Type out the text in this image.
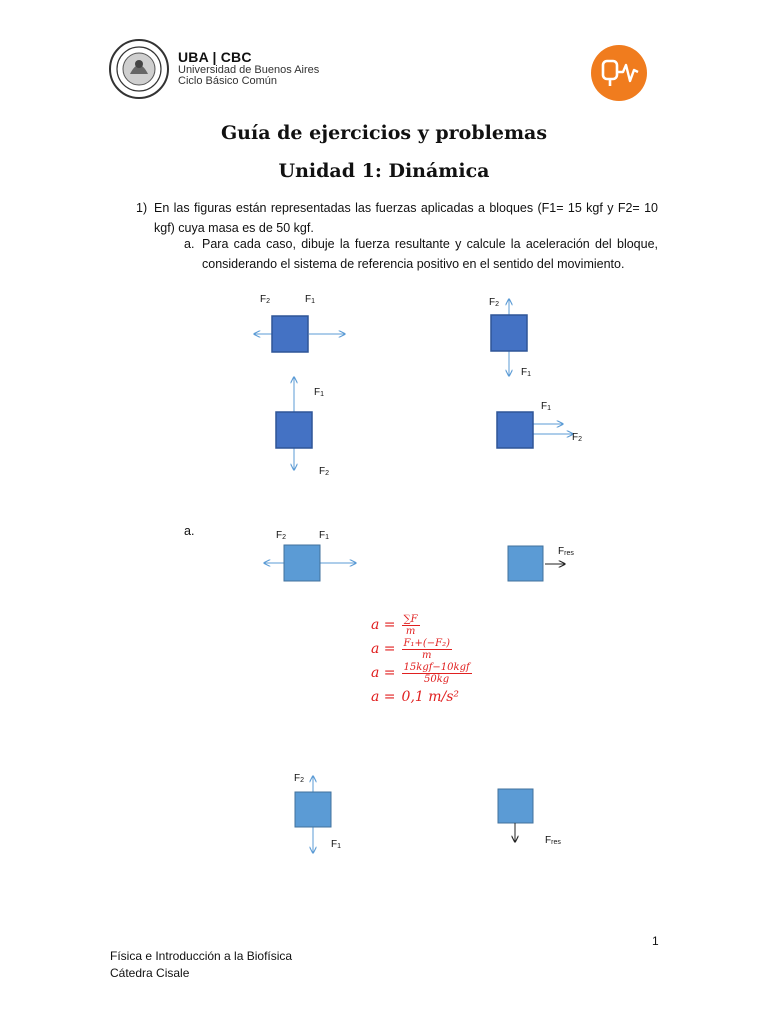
UBA | CBC
Universidad de Buenos Aires
Ciclo Básico Común
Guía de ejercicios y problemas
Unidad 1: Dinámica
1) En las figuras están representadas las fuerzas aplicadas a bloques (F1= 15 kgf y F2= 10 kgf) cuya masa es de 50 kgf.
a. Para cada caso, dibuje la fuerza resultante y calcule la aceleración del bloque, considerando el sistema de referencia positivo en el sentido del movimiento.
$F_2$	$F_1$	$F_2$
$F_1$
$F_1$
$F_2$
$F_1$
$F_2$
a.	$F_2$	$F_1$
$F_{res}$
$F_2$
$F_1$
$F_{res}$
$a = \frac{\sum F}{m}$
$a = \frac{\text{F₁+(−F₂)}}{m}$
$a = \frac{\text{15kgf−10kgf}}{50kg}$
a = 0,1 m/s²
1
Física e Introducción a la Biofísica
Cátedra Cisale
